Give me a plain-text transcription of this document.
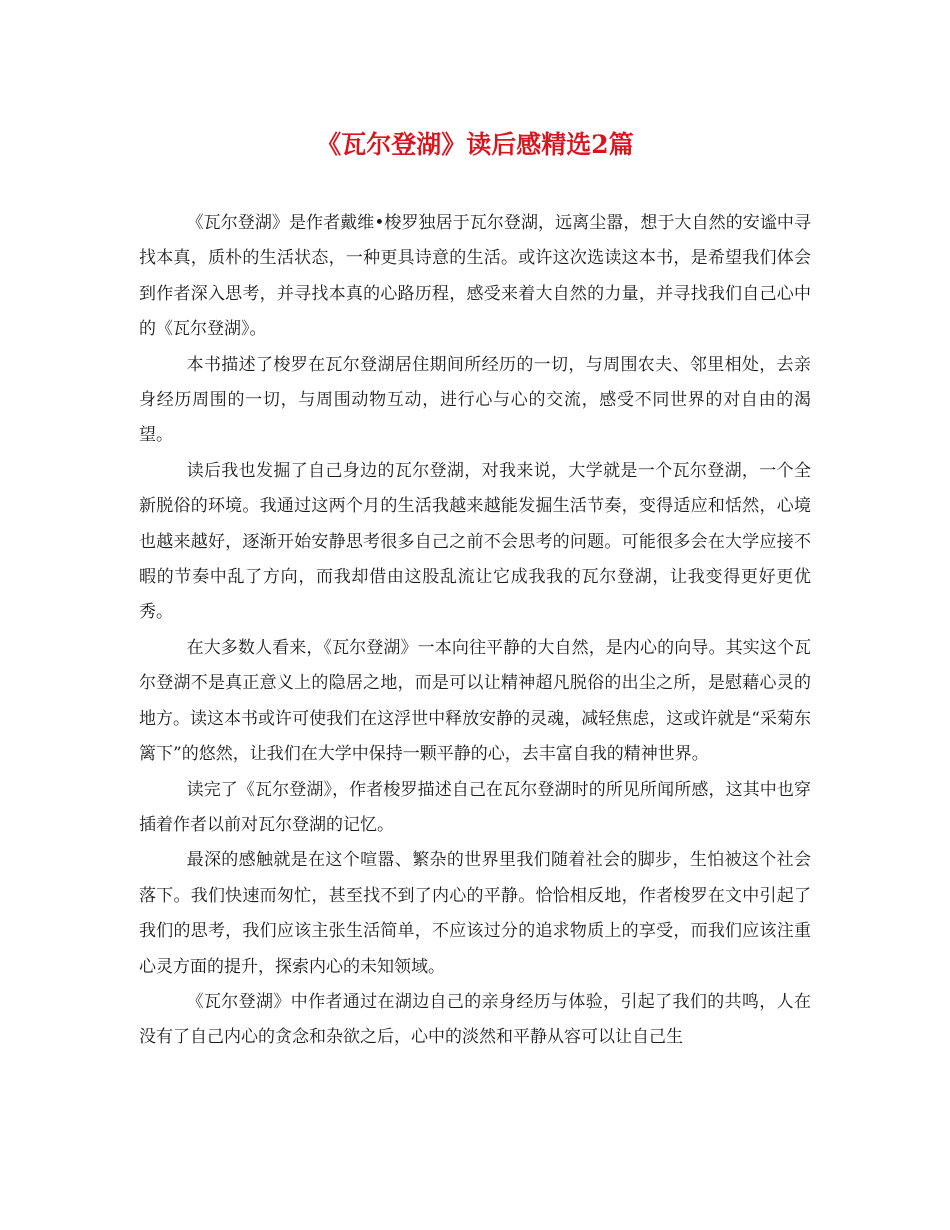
《瓦尔登湖》读后感精选2篇

《瓦尔登湖》是作者戴维•梭罗独居于瓦尔登湖，远离尘嚣，想于大自然的安谧中寻找本真，质朴的生活状态，一种更具诗意的生活。或许这次选读这本书，是希望我们体会到作者深入思考，并寻找本真的心路历程，感受来着大自然的力量，并寻找我们自己心中的《瓦尔登湖》。

本书描述了梭罗在瓦尔登湖居住期间所经历的一切，与周围农夫、邻里相处，去亲身经历周围的一切，与周围动物互动，进行心与心的交流，感受不同世界的对自由的渴望。

读后我也发掘了自己身边的瓦尔登湖，对我来说，大学就是一个瓦尔登湖，一个全新脱俗的环境。我通过这两个月的生活我越来越能发掘生活节奏，变得适应和恬然，心境也越来越好，逐渐开始安静思考很多自己之前不会思考的问题。可能很多会在大学应接不暇的节奏中乱了方向，而我却借由这股乱流让它成我我的瓦尔登湖，让我变得更好更优秀。

在大多数人看来，《瓦尔登湖》一本向往平静的大自然，是内心的向导。其实这个瓦尔登湖不是真正意义上的隐居之地，而是可以让精神超凡脱俗的出尘之所，是慰藉心灵的地方。读这本书或许可使我们在这浮世中释放安静的灵魂，减轻焦虑，这或许就是“采菊东篱下”的悠然，让我们在大学中保持一颗平静的心，去丰富自我的精神世界。

读完了《瓦尔登湖》，作者梭罗描述自己在瓦尔登湖时的所见所闻所感，这其中也穿插着作者以前对瓦尔登湖的记忆。

最深的感触就是在这个喧嚣、繁杂的世界里我们随着社会的脚步，生怕被这个社会落下。我们快速而匆忙，甚至找不到了内心的平静。恰恰相反地，作者梭罗在文中引起了我们的思考，我们应该主张生活简单，不应该过分的追求物质上的享受，而我们应该注重心灵方面的提升，探索内心的未知领域。

《瓦尔登湖》中作者通过在湖边自己的亲身经历与体验，引起了我们的共鸣，人在没有了自己内心的贪念和杂欲之后，心中的淡然和平静从容可以让自己生
